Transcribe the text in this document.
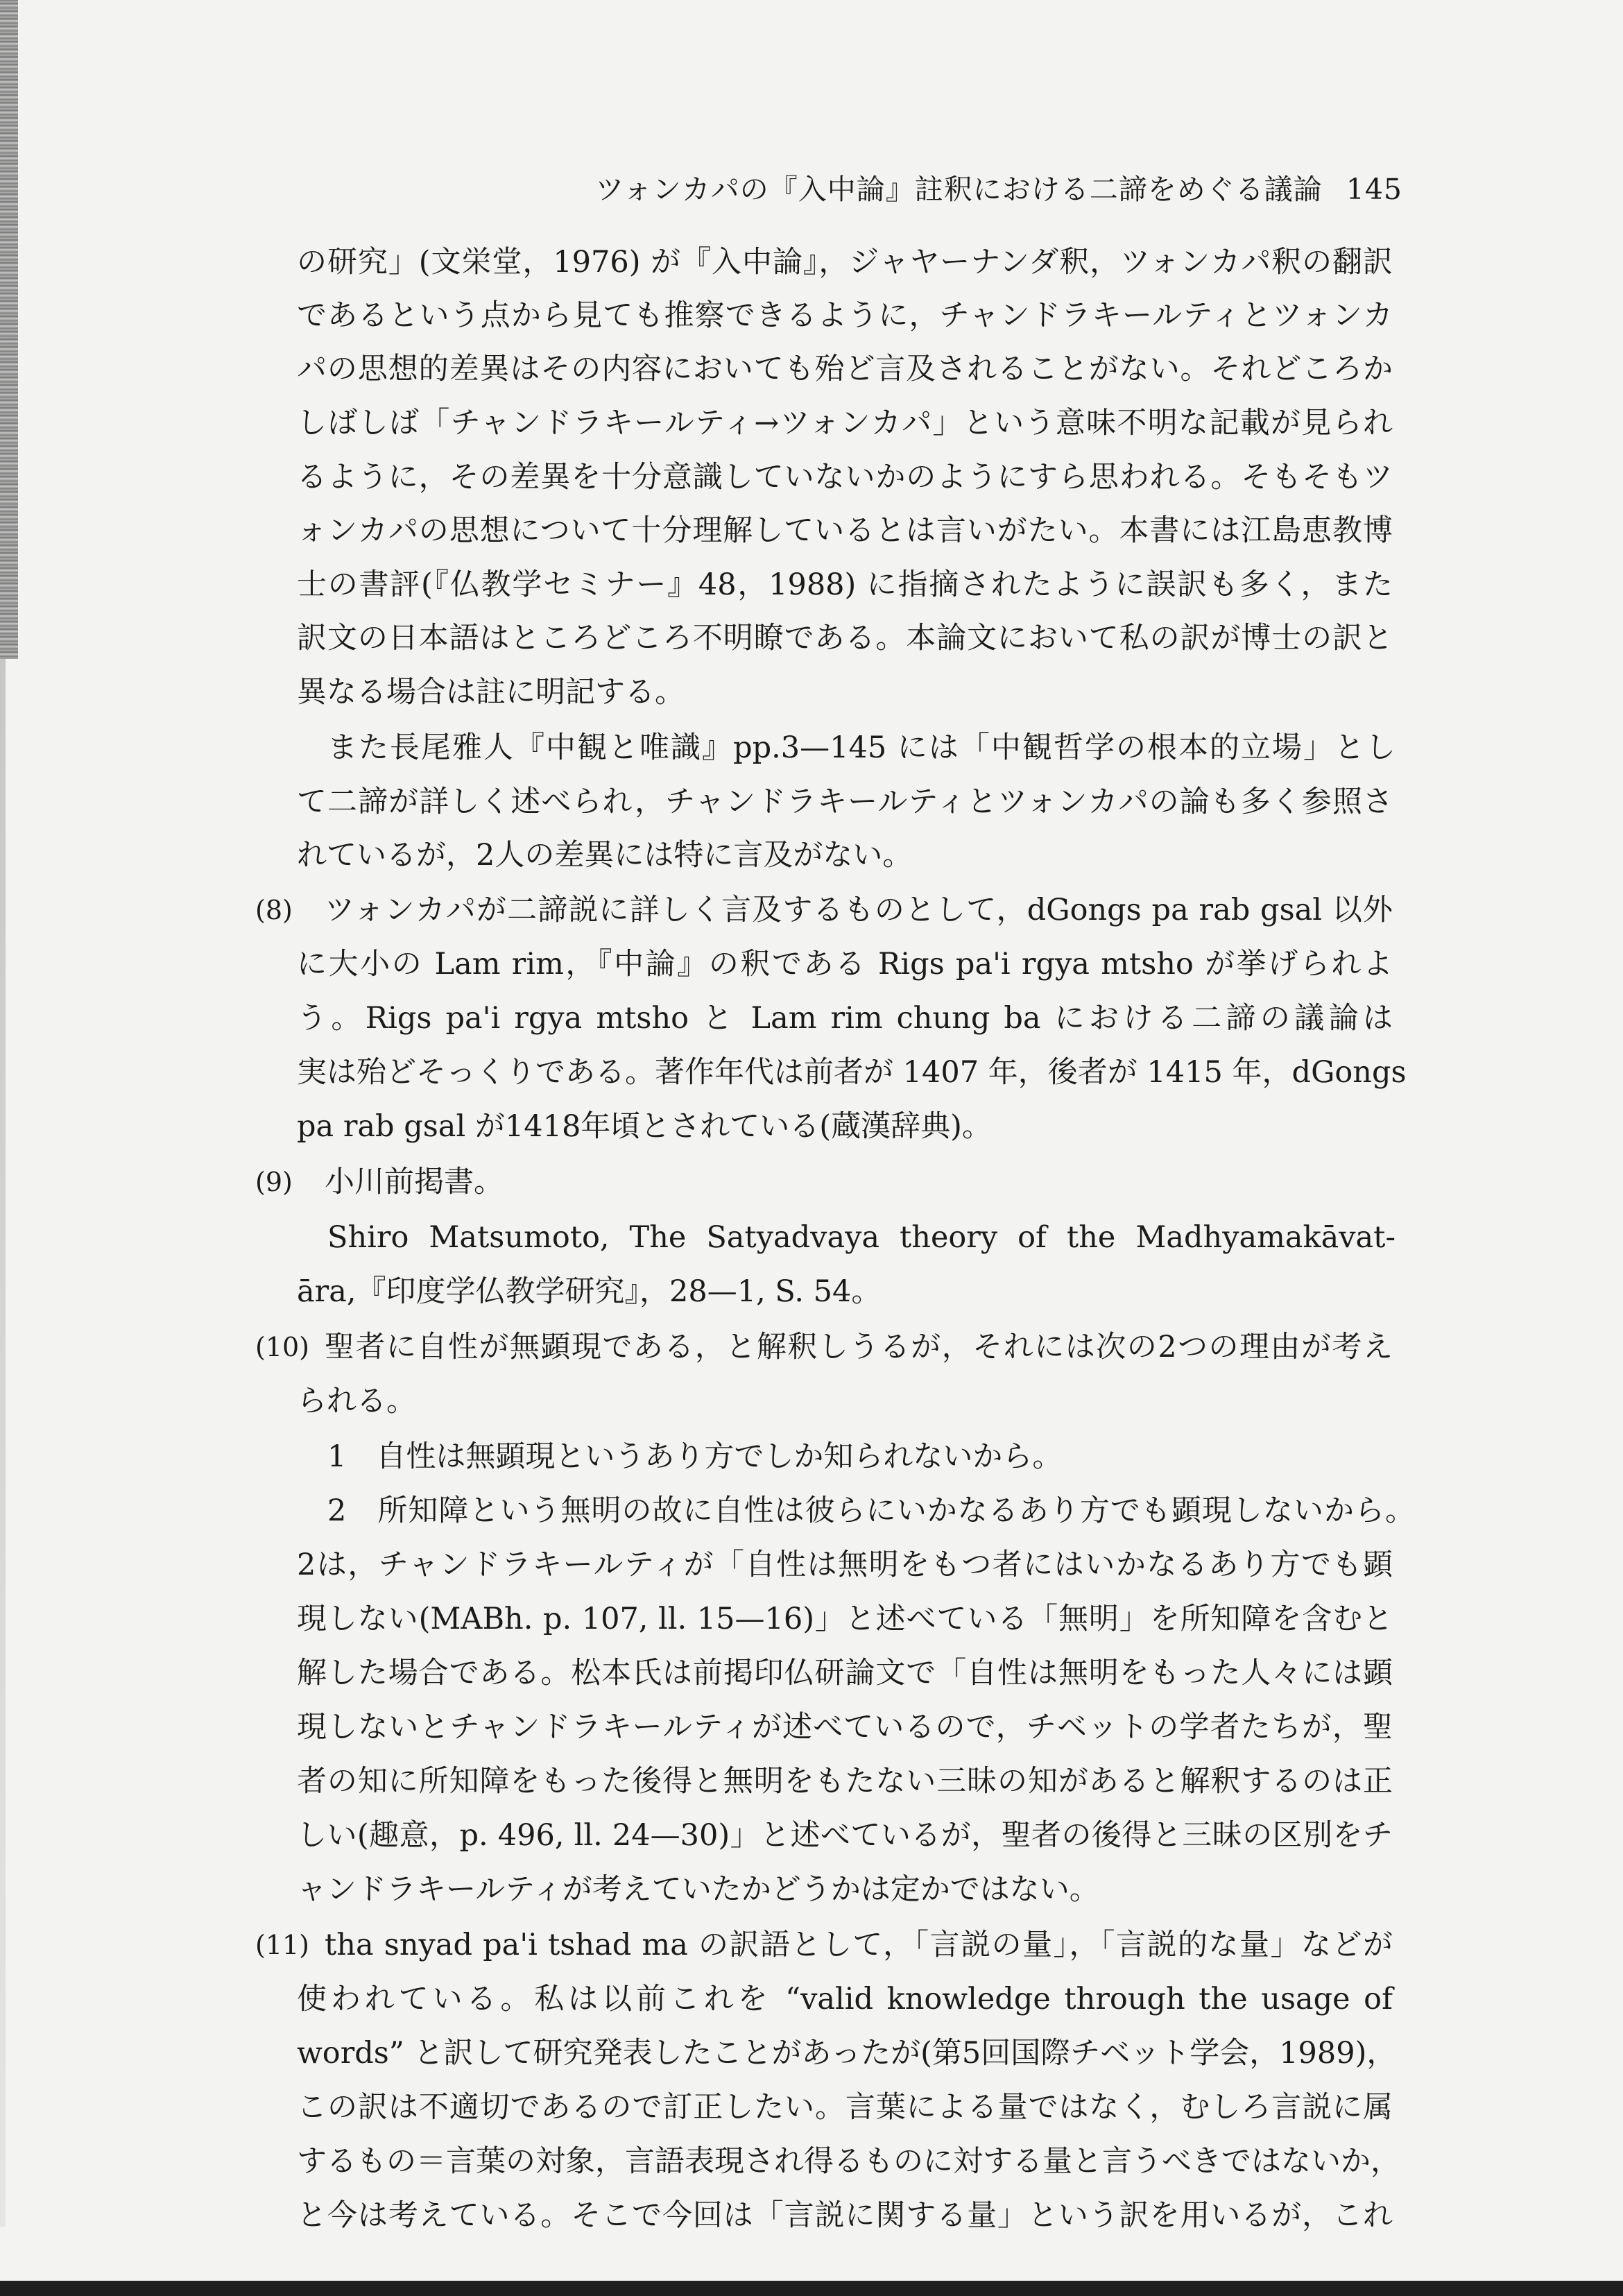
ツォンカパの『入中論』註釈における二諦をめぐる議論 145
の研究」(文栄堂，1976) が『入中論』，ジャヤーナンダ釈，ツォンカパ釈の翻訳
であるという点から見ても推察できるように，チャンドラキールティとツォンカ
パの思想的差異はその内容においても殆ど言及されることがない。それどころか
しばしば「チャンドラキールティ→ツォンカパ」という意味不明な記載が見られ
るように，その差異を十分意識していないかのようにすら思われる。そもそもツ
ォンカパの思想について十分理解しているとは言いがたい。本書には江島恵教博
士の書評(『仏教学セミナー』48，1988) に指摘されたように誤訳も多く，また
訳文の日本語はところどころ不明瞭である。本論文において私の訳が博士の訳と
異なる場合は註に明記する。
また長尾雅人『中観と唯識』pp.3—145 には「中観哲学の根本的立場」とし
て二諦が詳しく述べられ，チャンドラキールティとツォンカパの論も多く参照さ
れているが，2人の差異には特に言及がない。
(8) ツォンカパが二諦説に詳しく言及するものとして，dGongs pa rab gsal 以外
に大小の Lam rim，『中論』の釈である Rigs pa'i rgya mtsho が挙げられよ
う。Rigs pa'i rgya mtsho と Lam rim chung ba における二諦の議論は
実は殆どそっくりである。著作年代は前者が 1407 年，後者が 1415 年，dGongs
pa rab gsal が1418年頃とされている(蔵漢辞典)。
(9) 小川前掲書。
Shiro Matsumoto, The Satyadvaya theory of the Madhyamakāvat-
āra,『印度学仏教学研究』，28—1, S. 54。
(10) 聖者に自性が無顕現である，と解釈しうるが，それには次の2つの理由が考え
られる。
1　自性は無顕現というあり方でしか知られないから。
2　所知障という無明の故に自性は彼らにいかなるあり方でも顕現しないから。
2は，チャンドラキールティが「自性は無明をもつ者にはいかなるあり方でも顕
現しない(MABh. p. 107, ll. 15—16)」と述べている「無明」を所知障を含むと
解した場合である。松本氏は前掲印仏研論文で「自性は無明をもった人々には顕
現しないとチャンドラキールティが述べているので，チベットの学者たちが，聖
者の知に所知障をもった後得と無明をもたない三昧の知があると解釈するのは正
しい(趣意，p. 496, ll. 24—30)」と述べているが，聖者の後得と三昧の区別をチ
ャンドラキールティが考えていたかどうかは定かではない。
(11) tha snyad pa'i tshad ma の訳語として，「言説の量」，「言説的な量」などが
使われている。私は以前これを “valid knowledge through the usage of
words” と訳して研究発表したことがあったが(第5回国際チベット学会，1989)，
この訳は不適切であるので訂正したい。言葉による量ではなく，むしろ言説に属
するもの＝言葉の対象，言語表現され得るものに対する量と言うべきではないか，
と今は考えている。そこで今回は「言説に関する量」という訳を用いるが，これ
